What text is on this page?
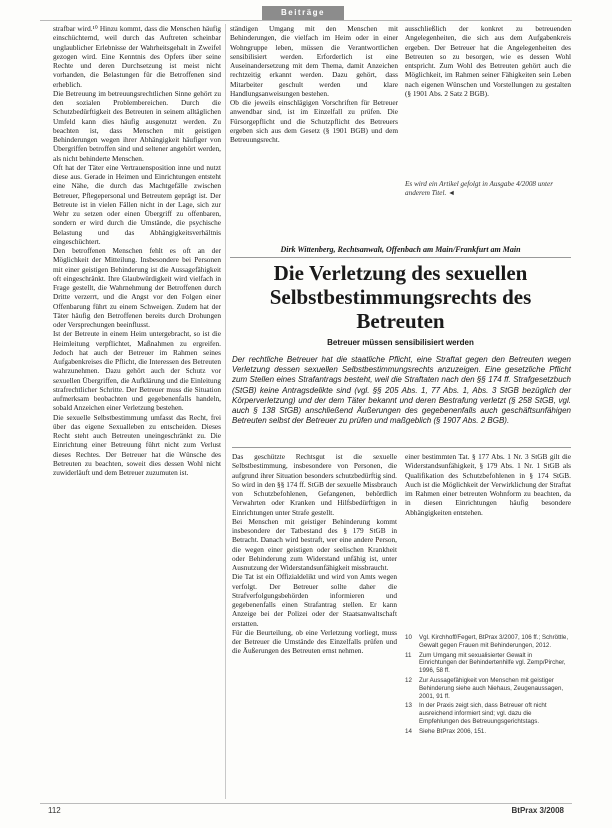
Beiträge

strafbar wird.¹⁰ Hinzu kommt, dass die Menschen häufig einschüchternd, weil durch das Auftreten scheinbar unglaublicher Erlebnisse der Wahrheitsgehalt in Zweifel gezogen wird. Eine Kenntnis des Opfers über seine Rechte und deren Durchsetzung ist meist nicht vorhanden, die Belastungen für die Betroffenen sind erheblich.

Die Betreuung im betreuungsrechtlichen Sinne gehört zu den sozialen Problembereichen. Durch die Schutzbedürftigkeit des Betreuten in seinem alltäglichen Umfeld kann dies häufig ausgenutzt werden. Zu beachten ist, dass Menschen mit geistigen Behinderungen wegen ihrer Abhängigkeit häufiger von Übergriffen betroffen sind und seltener angehört werden, als nicht behinderte Menschen.

Oft hat der Täter eine Vertrauensposition inne und nutzt diese aus. Gerade in Heimen und Einrichtungen entsteht eine Nähe, die durch das Machtgefälle zwischen Betreuer, Pflegepersonal und Betreutem geprägt ist. Der Betreute ist in vielen Fällen nicht in der Lage, sich zur Wehr zu setzen oder einen Übergriff zu offenbaren, sondern er wird durch die Umstände, die psychische Belastung und das Abhängigkeitsverhältnis eingeschüchtert.

Den betroffenen Menschen fehlt es oft an der Möglichkeit der Mitteilung. Insbesondere bei Personen mit einer geistigen Behinderung ist die Aussagefähigkeit oft eingeschränkt. Ihre Glaubwürdigkeit wird vielfach in Frage gestellt, die Wahrnehmung der Betroffenen durch Dritte verzerrt, und die Angst vor den Folgen einer Offenbarung führt zu einem Schweigen. Zudem hat der Täter häufig den Betroffenen bereits durch Drohungen oder Versprechungen beeinflusst.

Ist der Betreute in einem Heim untergebracht, so ist die Heimleitung verpflichtet, Maßnahmen zu ergreifen. Jedoch hat auch der Betreuer im Rahmen seines Aufgabenkreises die Pflicht, die Interessen des Betreuten wahrzunehmen. Dazu gehört auch der Schutz vor sexuellen Übergriffen, die Aufklärung und die Einleitung strafrechtlicher Schritte. Der Betreuer muss die Situation aufmerksam beobachten und gegebenenfalls handeln, sobald Anzeichen einer Verletzung bestehen.

Die sexuelle Selbstbestimmung umfasst das Recht, frei über das eigene Sexualleben zu entscheiden. Dieses Recht steht auch Betreuten uneingeschränkt zu. Die Einrichtung einer Betreuung führt nicht zum Verlust dieses Rechtes. Der Betreuer hat die Wünsche des Betreuten zu beachten, soweit dies dessen Wohl nicht zuwiderläuft und dem Betreuer zuzumuten ist.

ständigen Umgang mit den Menschen mit Behinderungen, die vielfach im Heim oder in einer Wohngruppe leben, müssen die Verantwortlichen sensibilisiert werden. Erforderlich ist eine Auseinandersetzung mit dem Thema, damit Anzeichen rechtzeitig erkannt werden. Dazu gehört, dass Mitarbeiter geschult werden und klare Handlungsanweisungen bestehen.

Ob die jeweils einschlägigen Vorschriften für Betreuer anwendbar sind, ist im Einzelfall zu prüfen. Die Fürsorgepflicht und die Schutzpflicht des Betreuers ergeben sich aus dem Gesetz (§ 1901 BGB) und dem Betreuungsrecht.

ausschließlich der konkret zu betreuenden Angelegenheiten, die sich aus dem Aufgabenkreis ergeben. Der Betreuer hat die Angelegenheiten des Betreuten so zu besorgen, wie es dessen Wohl entspricht. Zum Wohl des Betreuten gehört auch die Möglichkeit, im Rahmen seiner Fähigkeiten sein Leben nach eigenen Wünschen und Vorstellungen zu gestalten (§ 1901 Abs. 2 Satz 2 BGB).

Es wird ein Artikel gefolgt in Ausgabe 4/2008 unter anderem Titel. ◄
Dirk Wittenberg, Rechtsanwalt, Offenbach am Main/Frankfurt am Main
Die Verletzung des sexuellen Selbstbestimmungsrechts des Betreuten
Betreuer müssen sensibilisiert werden
Der rechtliche Betreuer hat die staatliche Pflicht, eine Straftat gegen den Betreuten wegen Verletzung dessen sexuellen Selbstbestimmungsrechts anzuzeigen. Eine gesetzliche Pflicht zum Stellen eines Strafantrags besteht, weil die Straftaten nach den §§ 174 ff. Strafgesetzbuch (StGB) keine Antragsdelikte sind (vgl. §§ 205 Abs. 1, 77 Abs. 1, Abs. 3 StGB bezüglich der Körperverletzung) und der dem Täter bekannt und deren Bestrafung verletzt (§ 258 StGB, vgl. auch § 138 StGB) anschließend Äußerungen des gegebenenfalls auch geschäftsunfähigen Betreuten selbst der Betreuer zu prüfen und maßgeblich (§ 1907 Abs. 2 BGB).

Das geschützte Rechtsgut ist die sexuelle Selbstbestimmung, insbesondere von Personen, die aufgrund ihrer Situation besonders schutzbedürftig sind. So wird in den §§ 174 ff. StGB der sexuelle Missbrauch von Schutzbefohlenen, Gefangenen, behördlich Verwahrten oder Kranken und Hilfsbedürftigen in Einrichtungen unter Strafe gestellt.

Bei Menschen mit geistiger Behinderung kommt insbesondere der Tatbestand des § 179 StGB in Betracht. Danach wird bestraft, wer eine andere Person, die wegen einer geistigen oder seelischen Krankheit oder Behinderung zum Widerstand unfähig ist, unter Ausnutzung der Widerstandsunfähigkeit missbraucht.

Die Tat ist ein Offizialdelikt und wird von Amts wegen verfolgt. Der Betreuer sollte daher die Strafverfolgungsbehörden informieren und gegebenenfalls einen Strafantrag stellen. Er kann Anzeige bei der Polizei oder der Staatsanwaltschaft erstatten.

Für die Beurteilung, ob eine Verletzung vorliegt, muss der Betreuer die Umstände des Einzelfalls prüfen und die Äußerungen des Betreuten ernst nehmen.

einer bestimmten Tat. § 177 Abs. 1 Nr. 3 StGB gilt die Widerstandsunfähigkeit, § 179 Abs. 1 Nr. 1 StGB als Qualifikation des Schutzbefohlenen in § 174 StGB. Auch ist die Möglichkeit der Verwirklichung der Straftat im Rahmen einer betreuten Wohnform zu beachten, da in diesen Einrichtungen häufig besondere Abhängigkeiten entstehen.

10	Vgl. Kirchhoff/Fegert, BtPrax 3/2007, 106 ff.; Schröttle, Gewalt gegen Frauen mit Behinderungen, 2012.
11	Zum Umgang mit sexualisierter Gewalt in Einrichtungen der Behindertenhilfe vgl. Zemp/Pircher, 1996, 58 ff.
12	Zur Aussagefähigkeit von Menschen mit geistiger Behinderung siehe auch Niehaus, Zeugenaussagen, 2001, 91 ff.
13	In der Praxis zeigt sich, dass Betreuer oft nicht ausreichend informiert sind; vgl. dazu die Empfehlungen des Betreuungsgerichtstags.
14	Siehe BtPrax 2006, 151.
112	BtPrax 3/2008
